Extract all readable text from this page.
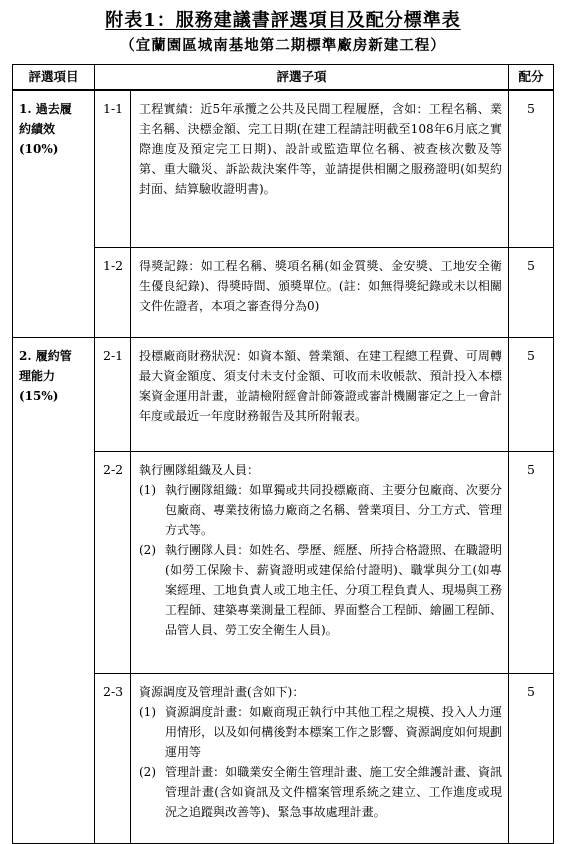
附表1：服務建議書評選項目及配分標準表
（宜蘭園區城南基地第二期標準廠房新建工程）
評選項目	評選子項		配分

1. 過去履
約績效
(10%)	1-1	工程實績：近5年承攬之公共及民間工程履歷，含如：工程名稱、業主名稱、決標金額、完工日期(在建工程請註明截至108年6月底之實際進度及預定完工日期)、設計或監造單位名稱、被查核次數及等第、重大職災、訴訟裁決案件等，並請提供相關之服務證明(如契約封面、結算驗收證明書)。	5
	1-2	得獎記錄：如工程名稱、獎項名稱(如金質獎、金安獎、工地安全衛生優良紀錄)、得獎時間、頒獎單位。(註：如無得獎紀錄或未以相關文件佐證者，本項之審查得分為0)	5

2. 履約管
理能力
(15%)	2-1	投標廠商財務狀況：如資本額、營業額、在建工程總工程費、可周轉最大資金額度、須支付未支付金額、可收而未收帳款、預計投入本標案資金運用計畫，並請檢附經會計師簽證或審計機關審定之上一會計年度或最近一年度財務報告及其所附報表。	5
	2-2	執行團隊組織及人員：
(1) 執行團隊組織：如單獨或共同投標廠商、主要分包廠商、次要分包廠商、專業技術協力廠商之名稱、營業項目、分工方式、管理方式等。
(2) 執行團隊人員：如姓名、學歷、經歷、所持合格證照、在職證明(如勞工保險卡、薪資證明或建保給付證明)、職掌與分工(如專案經理、工地負責人或工地主任、分項工程負責人、現場與工務工程師、建築專業測量工程師、界面整合工程師、繪圖工程師、品管人員、勞工安全衛生人員)。	5
	2-3	資源調度及管理計畫(含如下)：
(1) 資源調度計畫：如廠商現正執行中其他工程之規模、投入人力運用情形，以及如何構後對本標案工作之影響、資源調度如何規劃運用等
(2) 管理計畫：如職業安全衛生管理計畫、施工安全維護計畫、資訊管理計畫(含如資訊及文件檔案管理系統之建立、工作進度或現況之追蹤與改善等)、緊急事故處理計畫。	5
